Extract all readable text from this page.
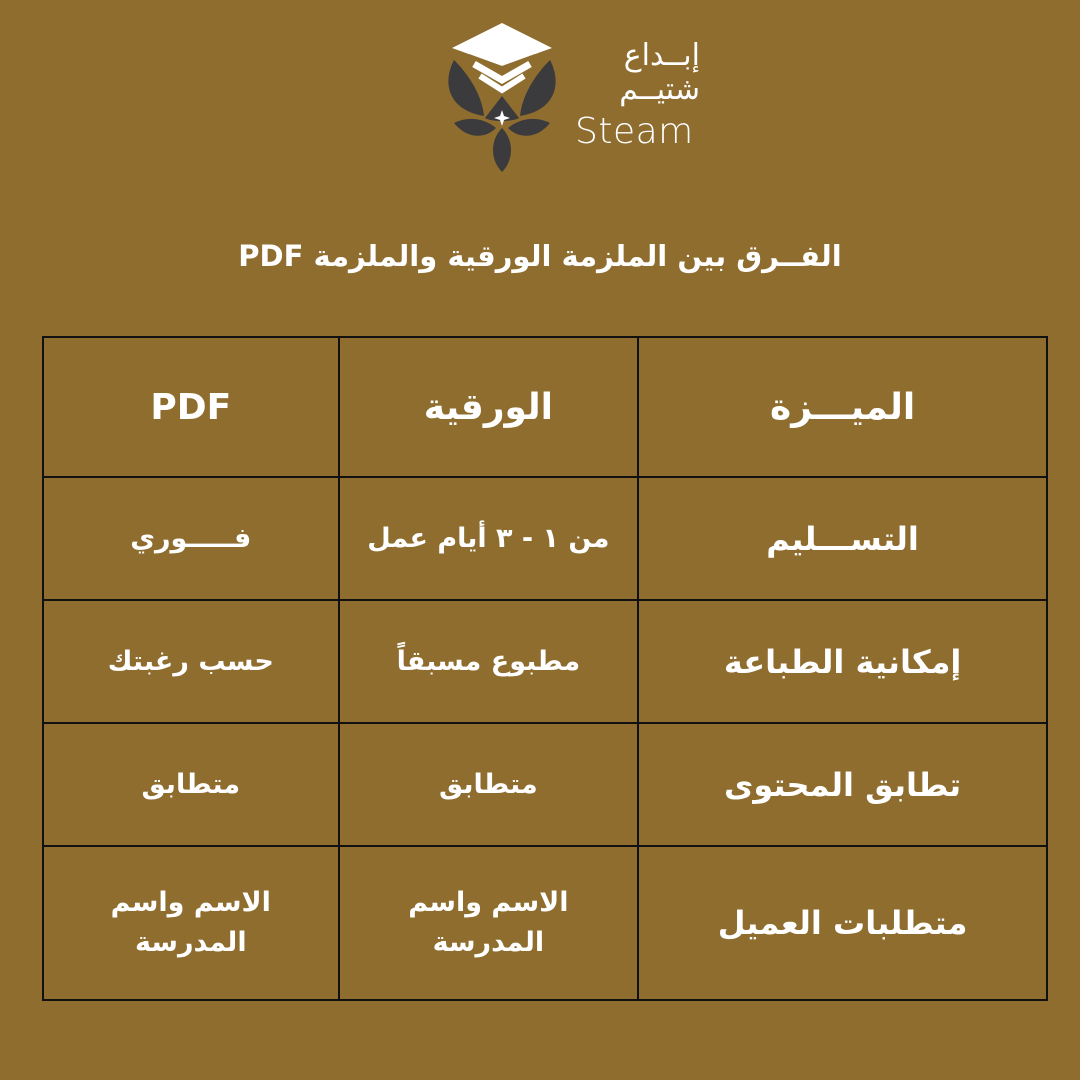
إبــداع
شتيــم
Steam
الفــرق بين الملزمة الورقية والملزمة PDF
الميـــزة	الورقية	PDF
التســـليم	من ١ - ٣ أيام عمل	فـــــوري
إمكانية الطباعة	مطبوع مسبقاً	حسب رغبتك
تطابق المحتوى	متطابق	متطابق
متطلبات العميل	الاسم واسم المدرسة	الاسم واسم المدرسة
